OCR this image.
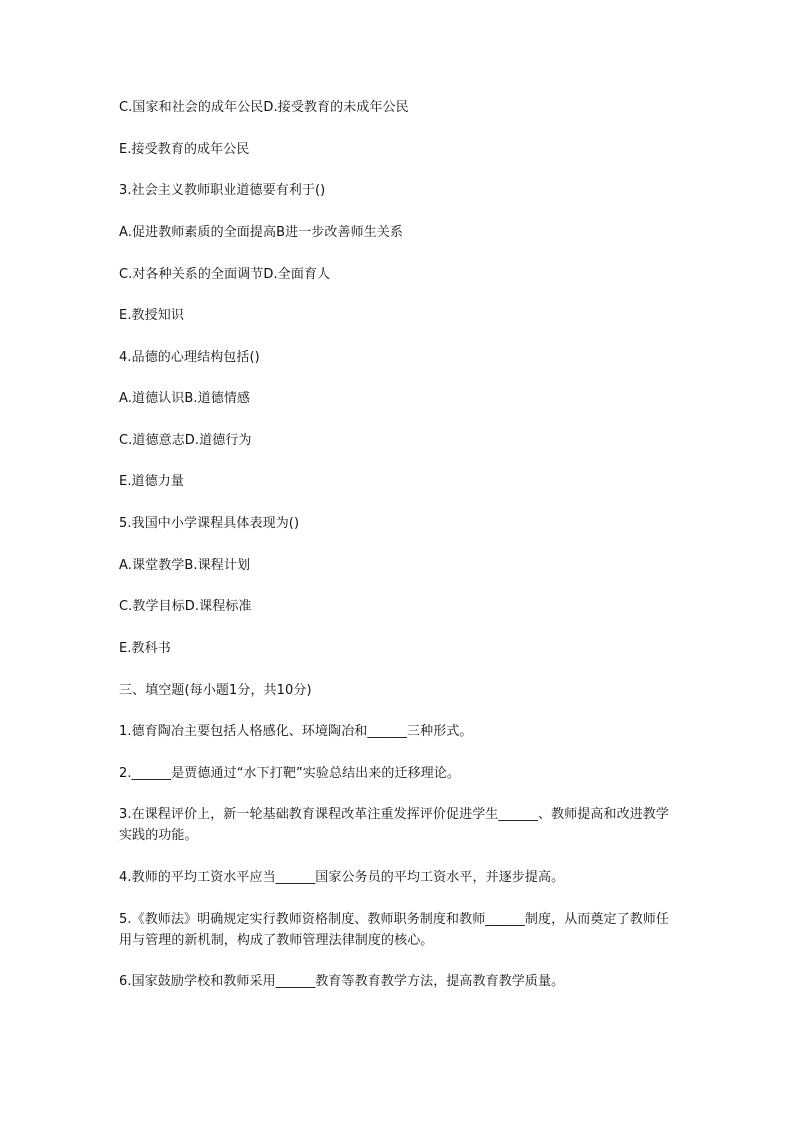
C.国家和社会的成年公民D.接受教育的未成年公民
E.接受教育的成年公民
3.社会主义教师职业道德要有利于()
A.促进教师素质的全面提高B进一步改善师生关系
C.对各种关系的全面调节D.全面育人
E.教授知识
4.品德的心理结构包括()
A.道德认识B.道德情感
C.道德意志D.道德行为
E.道德力量
5.我国中小学课程具体表现为()
A.课堂教学B.课程计划
C.教学目标D.课程标准
E.教科书
三、填空题(每小题1分，共10分)
1.德育陶冶主要包括人格感化、环境陶冶和______三种形式。
2.______是贾德通过“水下打靶”实验总结出来的迁移理论。
3.在课程评价上，新一轮基础教育课程改革注重发挥评价促进学生______、教师提高和改进教学实践的功能。
4.教师的平均工资水平应当______国家公务员的平均工资水平，并逐步提高。
5.《教师法》明确规定实行教师资格制度、教师职务制度和教师______制度，从而奠定了教师任用与管理的新机制，构成了教师管理法律制度的核心。
6.国家鼓励学校和教师采用______教育等教育教学方法，提高教育教学质量。
